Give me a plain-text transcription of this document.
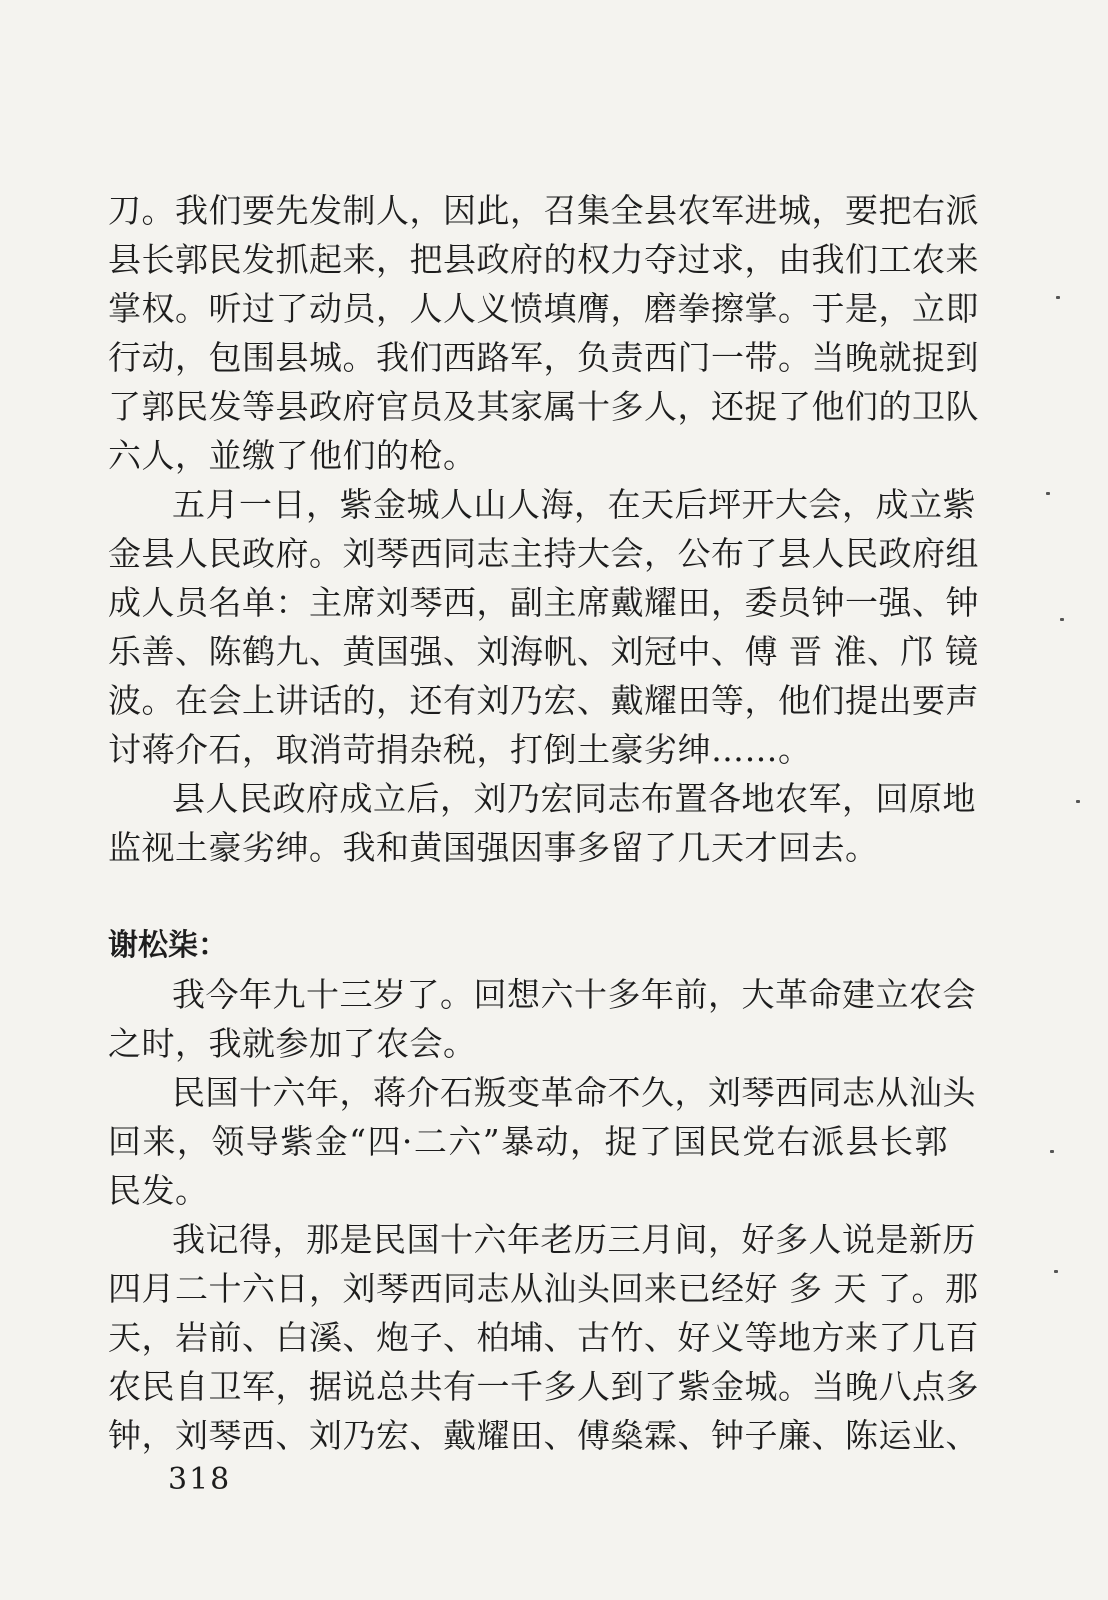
刀。我们要先发制人，因此，召集全县农军进城，要把右派
县长郭民发抓起来，把县政府的权力夺过求，由我们工农来
掌权。听过了动员，人人义愤填膺，磨拳擦掌。于是，立即
行动，包围县城。我们西路军，负责西门一带。当晚就捉到
了郭民发等县政府官员及其家属十多人，还捉了他们的卫队
六人，並缴了他们的枪。
五月一日，紫金城人山人海，在天后坪开大会，成立紫
金县人民政府。刘琴西同志主持大会，公布了县人民政府组
成人员名单：主席刘琴西，副主席戴耀田，委员钟一强、钟
乐善、陈鹤九、黄国强、刘海帆、刘冠中、傅 晋 淮、邝 镜
波。在会上讲话的，还有刘乃宏、戴耀田等，他们提出要声
讨蒋介石，取消苛捐杂税，打倒土豪劣绅……。
县人民政府成立后，刘乃宏同志布置各地农军，回原地
监视土豪劣绅。我和黄国强因事多留了几天才回去。
谢松柒：
我今年九十三岁了。回想六十多年前，大革命建立农会
之时，我就参加了农会。
民国十六年，蒋介石叛变革命不久，刘琴西同志从汕头
回来，领导紫金“四·二六”暴动，捉了国民党右派县长郭
民发。
我记得，那是民国十六年老历三月间，好多人说是新历
四月二十六日，刘琴西同志从汕头回来已经好 多 天 了。那
天，岩前、白溪、炮子、柏埔、古竹、好义等地方来了几百
农民自卫军，据说总共有一千多人到了紫金城。当晚八点多
钟，刘琴西、刘乃宏、戴耀田、傅燊霖、钟子廉、陈运业、
318
